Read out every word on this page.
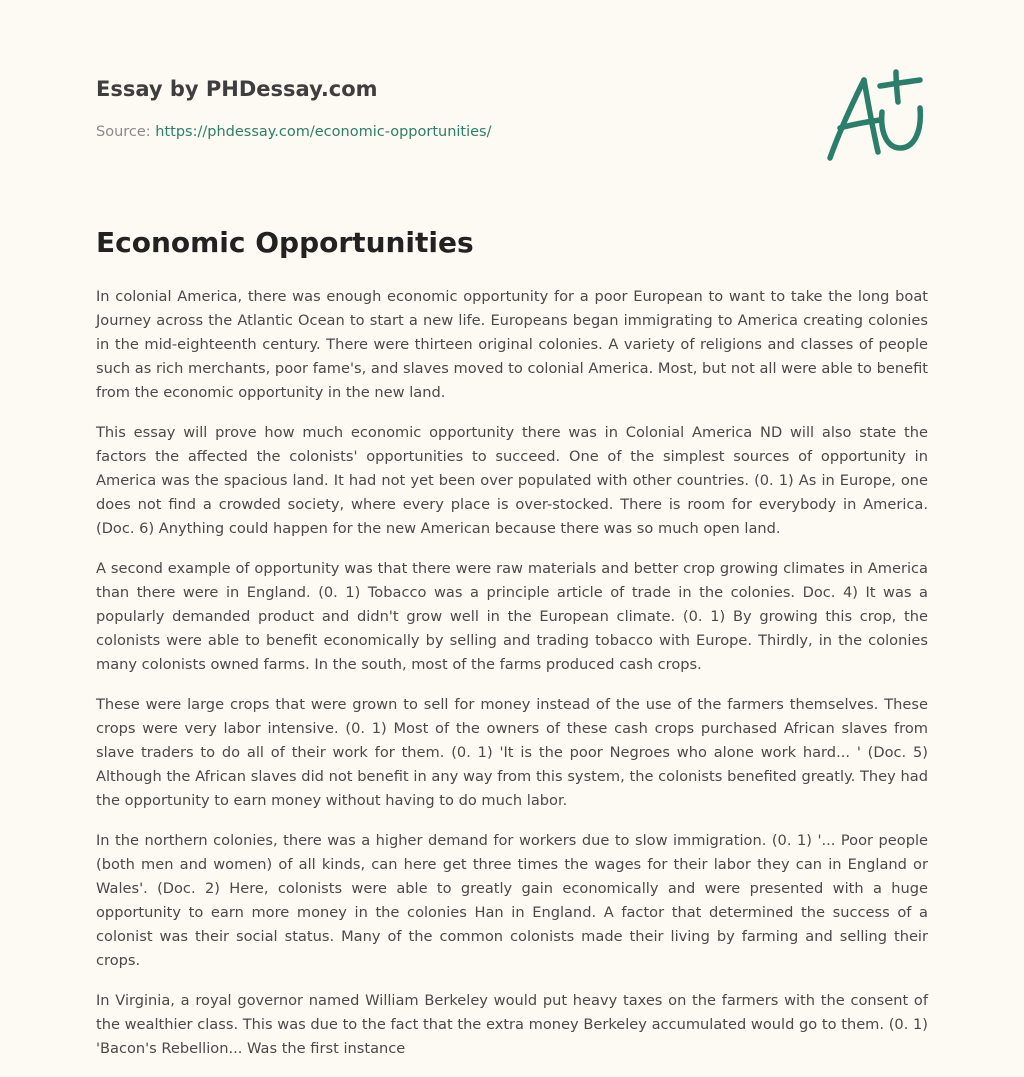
Essay by PHDessay.com
Source: https://phdessay.com/economic-opportunities/
Economic Opportunities

In colonial America, there was enough economic opportunity for a poor European to want to take the long boat Journey across the Atlantic Ocean to start a new life. Europeans began immigrating to America creating colonies in the mid-eighteenth century. There were thirteen original colonies. A variety of religions and classes of people such as rich merchants, poor fame's, and slaves moved to colonial America. Most, but not all were able to benefit from the economic opportunity in the new land.

This essay will prove how much economic opportunity there was in Colonial America ND will also state the factors the affected the colonists' opportunities to succeed. One of the simplest sources of opportunity in America was the spacious land. It had not yet been over populated with other countries. (0. 1) As in Europe, one does not find a crowded society, where every place is over-stocked. There is room for everybody in America. (Doc. 6) Anything could happen for the new American because there was so much open land.

A second example of opportunity was that there were raw materials and better crop growing climates in America than there were in England. (0. 1) Tobacco was a principle article of trade in the colonies. Doc. 4) It was a popularly demanded product and didn't grow well in the European climate. (0. 1) By growing this crop, the colonists were able to benefit economically by selling and trading tobacco with Europe. Thirdly, in the colonies many colonists owned farms. In the south, most of the farms produced cash crops.

These were large crops that were grown to sell for money instead of the use of the farmers themselves. These crops were very labor intensive. (0. 1) Most of the owners of these cash crops purchased African slaves from slave traders to do all of their work for them. (0. 1) 'It is the poor Negroes who alone work hard... ' (Doc. 5) Although the African slaves did not benefit in any way from this system, the colonists benefited greatly. They had the opportunity to earn money without having to do much labor.

In the northern colonies, there was a higher demand for workers due to slow immigration. (0. 1) '... Poor people (both men and women) of all kinds, can here get three times the wages for their labor they can in England or Wales'. (Doc. 2) Here, colonists were able to greatly gain economically and were presented with a huge opportunity to earn more money in the colonies Han in England. A factor that determined the success of a colonist was their social status. Many of the common colonists made their living by farming and selling their crops.

In Virginia, a royal governor named William Berkeley would put heavy taxes on the farmers with the consent of the wealthier class. This was due to the fact that the extra money Berkeley accumulated would go to them. (0. 1) 'Bacon's Rebellion... Was the first instance
